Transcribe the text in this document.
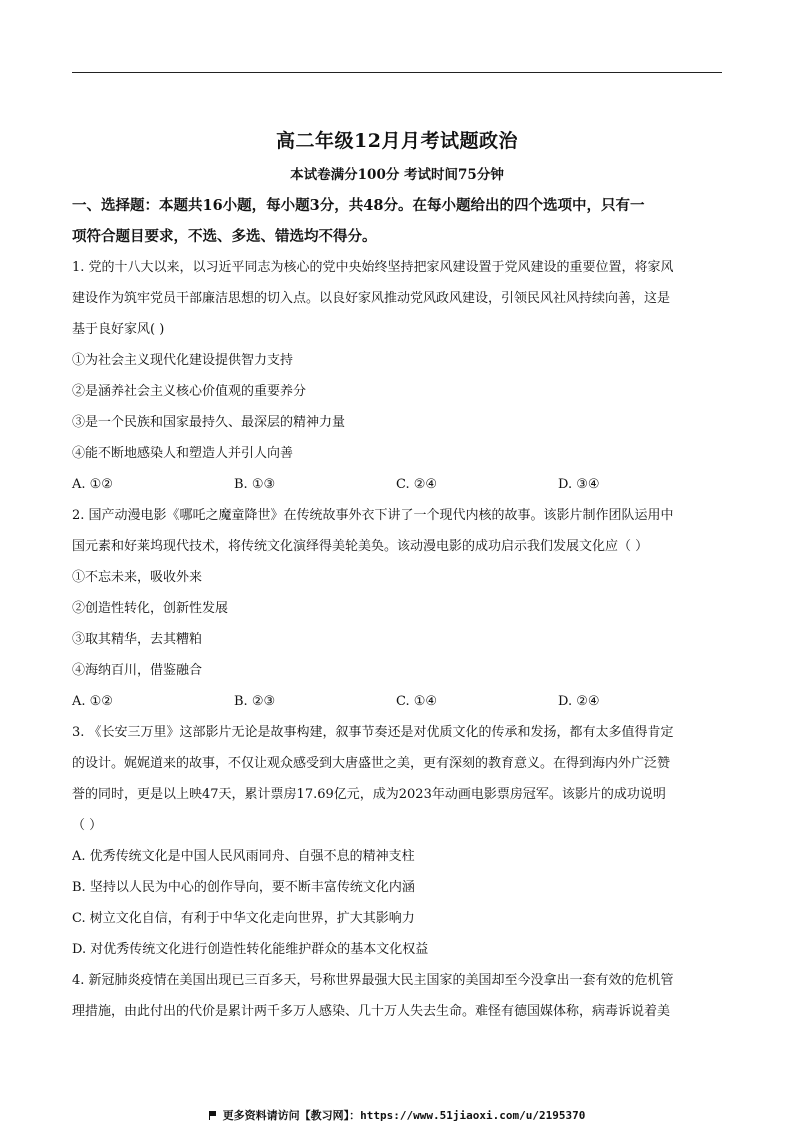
高二年级12月月考试题政治
本试卷满分100分 考试时间75分钟

一、选择题：本题共16小题，每小题3分，共48分。在每小题给出的四个选项中，只有一

项符合题目要求，不选、多选、错选均不得分。

1. 党的十八大以来，以习近平同志为核心的党中央始终坚持把家风建设置于党风建设的重要位置，将家风

建设作为筑牢党员干部廉洁思想的切入点。以良好家风推动党风政风建设，引领民风社风持续向善，这是

基于良好家风( )

①为社会主义现代化建设提供智力支持

②是涵养社会主义核心价值观的重要养分

③是一个民族和国家最持久、最深层的精神力量

④能不断地感染人和塑造人并引人向善

A. ①②	B. ①③	C. ②④	D. ③④

2. 国产动漫电影《哪吒之魔童降世》在传统故事外衣下讲了一个现代内核的故事。该影片制作团队运用中

国元素和好莱坞现代技术，将传统文化演绎得美轮美奂。该动漫电影的成功启示我们发展文化应（ ）

①不忘未来，吸收外来

②创造性转化，创新性发展

③取其精华，去其糟粕

④海纳百川，借鉴融合

A. ①②	B. ②③	C. ①④	D. ②④

3. 《长安三万里》这部影片无论是故事构建，叙事节奏还是对优质文化的传承和发扬，都有太多值得肯定

的设计。娓娓道来的故事，不仅让观众感受到大唐盛世之美，更有深刻的教育意义。在得到海内外广泛赞

誉的同时，更是以上映47天，累计票房17.69亿元，成为2023年动画电影票房冠军。该影片的成功说明

（ ）

A. 优秀传统文化是中国人民风雨同舟、自强不息的精神支柱

B. 坚持以人民为中心的创作导向，要不断丰富传统文化内涵

C. 树立文化自信，有利于中华文化走向世界，扩大其影响力

D. 对优秀传统文化进行创造性转化能维护群众的基本文化权益

4. 新冠肺炎疫情在美国出现已三百多天，号称世界最强大民主国家的美国却至今没拿出一套有效的危机管

理措施，由此付出的代价是累计两千多万人感染、几十万人失去生命。难怪有德国媒体称，病毒诉说着美

更多资料请访问【教习网】：https://www.51jiaoxi.com/u/2195370
